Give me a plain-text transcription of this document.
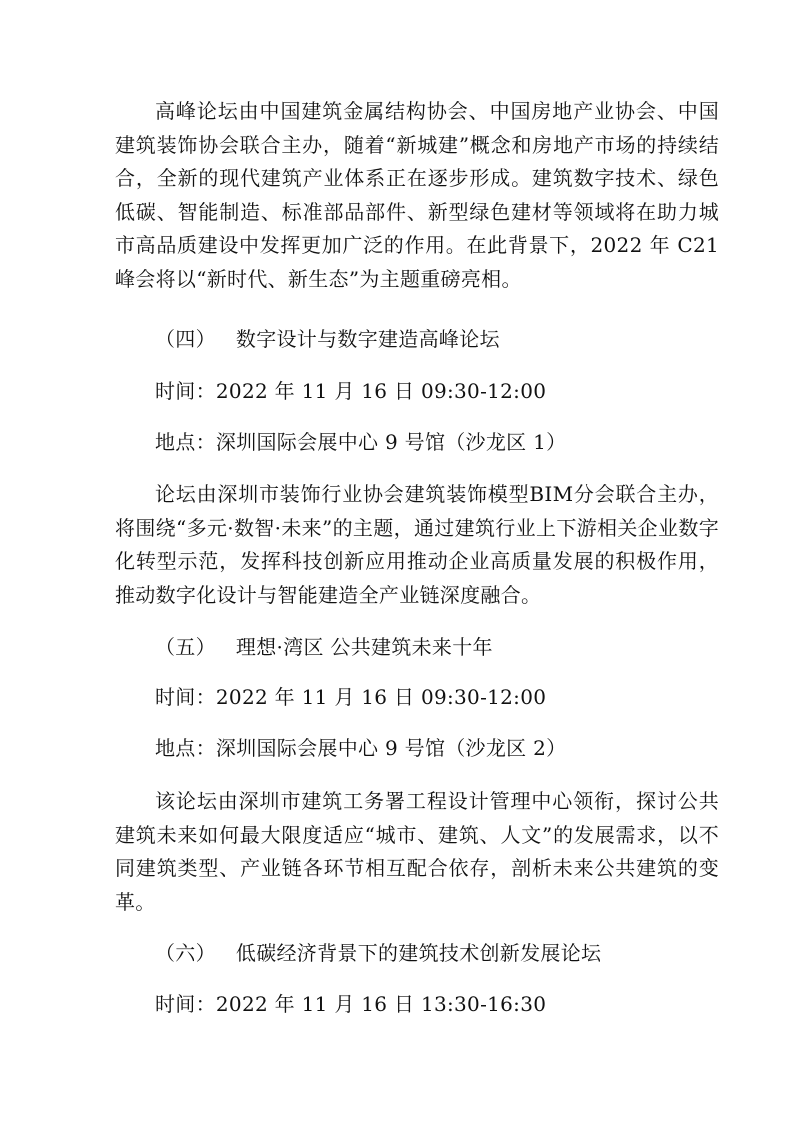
高峰论坛由中国建筑金属结构协会、中国房地产业协会、中国建筑装饰协会联合主办，随着“新城建”概念和房地产市场的持续结合，全新的现代建筑产业体系正在逐步形成。建筑数字技术、绿色低碳、智能制造、标准部品部件、新型绿色建材等领域将在助力城市高品质建设中发挥更加广泛的作用。在此背景下，2022 年 C21 峰会将以“新时代、新生态”为主题重磅亮相。

（四） 数字设计与数字建造高峰论坛

时间：2022 年 11 月 16 日 09:30-12:00

地点：深圳国际会展中心 9 号馆（沙龙区 1）

论坛由深圳市装饰行业协会建筑装饰模型BIM分会联合主办，将围绕“多元·数智·未来”的主题，通过建筑行业上下游相关企业数字化转型示范，发挥科技创新应用推动企业高质量发展的积极作用，推动数字化设计与智能建造全产业链深度融合。

（五） 理想·湾区 公共建筑未来十年

时间：2022 年 11 月 16 日 09:30-12:00

地点：深圳国际会展中心 9 号馆（沙龙区 2）

该论坛由深圳市建筑工务署工程设计管理中心领衔，探讨公共建筑未来如何最大限度适应“城市、建筑、人文”的发展需求，以不同建筑类型、产业链各环节相互配合依存，剖析未来公共建筑的变革。

（六） 低碳经济背景下的建筑技术创新发展论坛

时间：2022 年 11 月 16 日 13:30-16:30
